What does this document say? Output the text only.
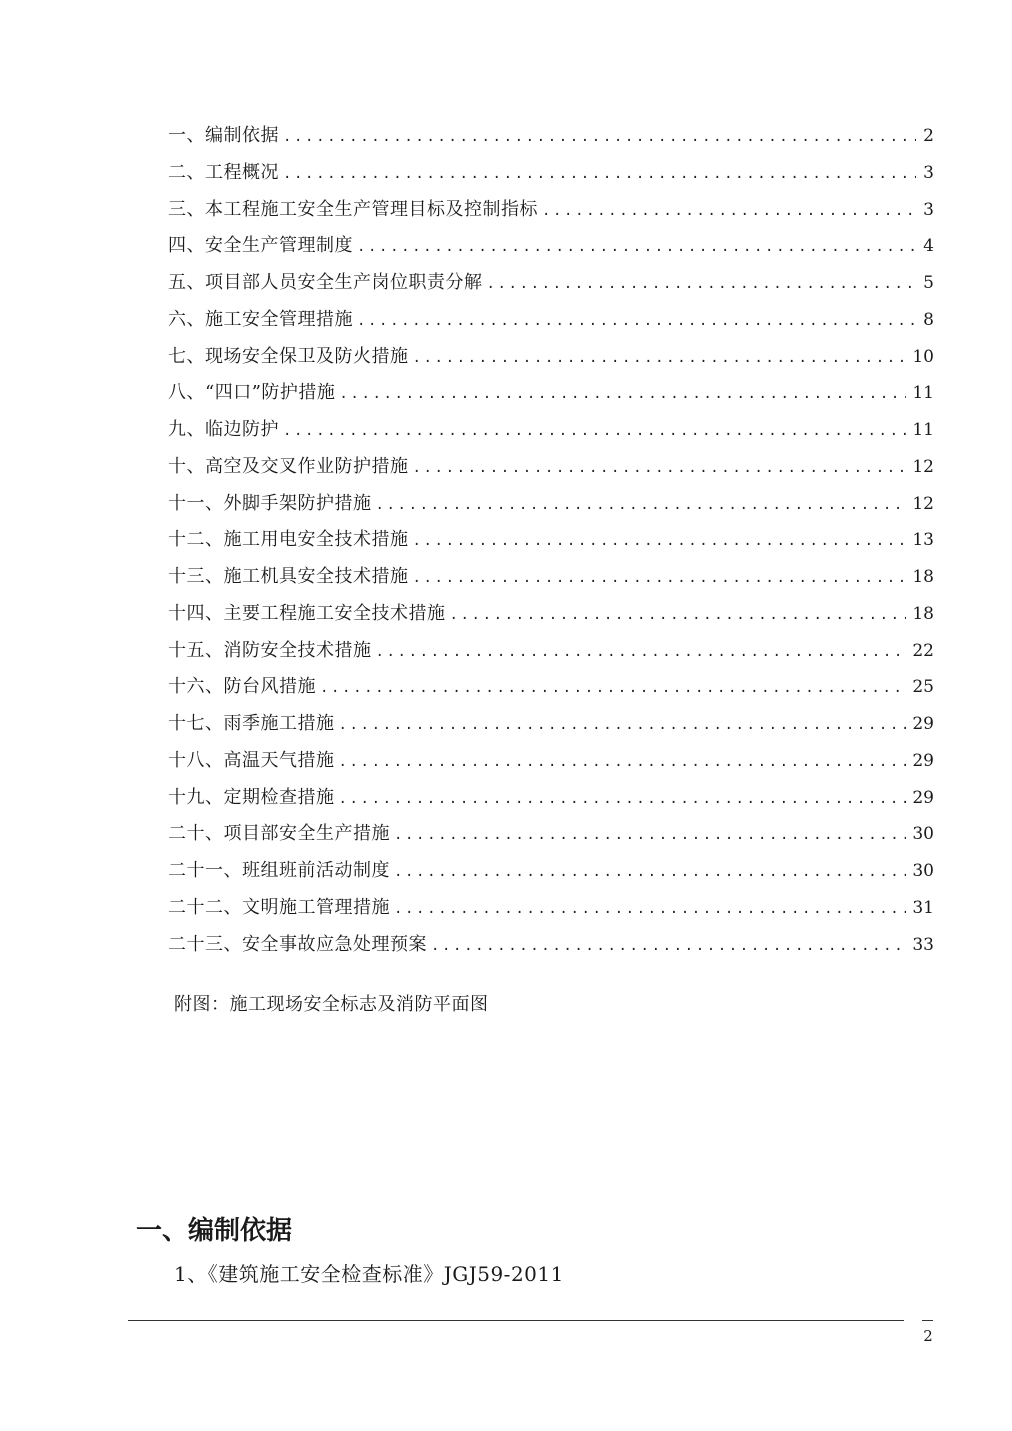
一、编制依据 .....	2
二、工程概况 .....	3
三、本工程施工安全生产管理目标及控制指标 .....	3
四、安全生产管理制度 .....	4
五、项目部人员安全生产岗位职责分解 .....	5
六、施工安全管理措施 .....	8
七、现场安全保卫及防火措施 .....	10
八、“四口”防护措施 .....	11
九、临边防护 .....	11
十、高空及交叉作业防护措施 .....	12
十一、外脚手架防护措施 .....	12
十二、施工用电安全技术措施 .....	13
十三、施工机具安全技术措施 .....	18
十四、主要工程施工安全技术措施 .....	18
十五、消防安全技术措施 .....	22
十六、防台风措施 .....	25
十七、雨季施工措施 .....	29
十八、高温天气措施 .....	29
十九、定期检查措施 .....	29
二十、项目部安全生产措施 .....	30
二十一、班组班前活动制度 .....	30
二十二、文明施工管理措施 .....	31
二十三、安全事故应急处理预案 .....	33
附图：施工现场安全标志及消防平面图
一、编制依据
1、《建筑施工安全检查标准》JGJ59-2011
2
